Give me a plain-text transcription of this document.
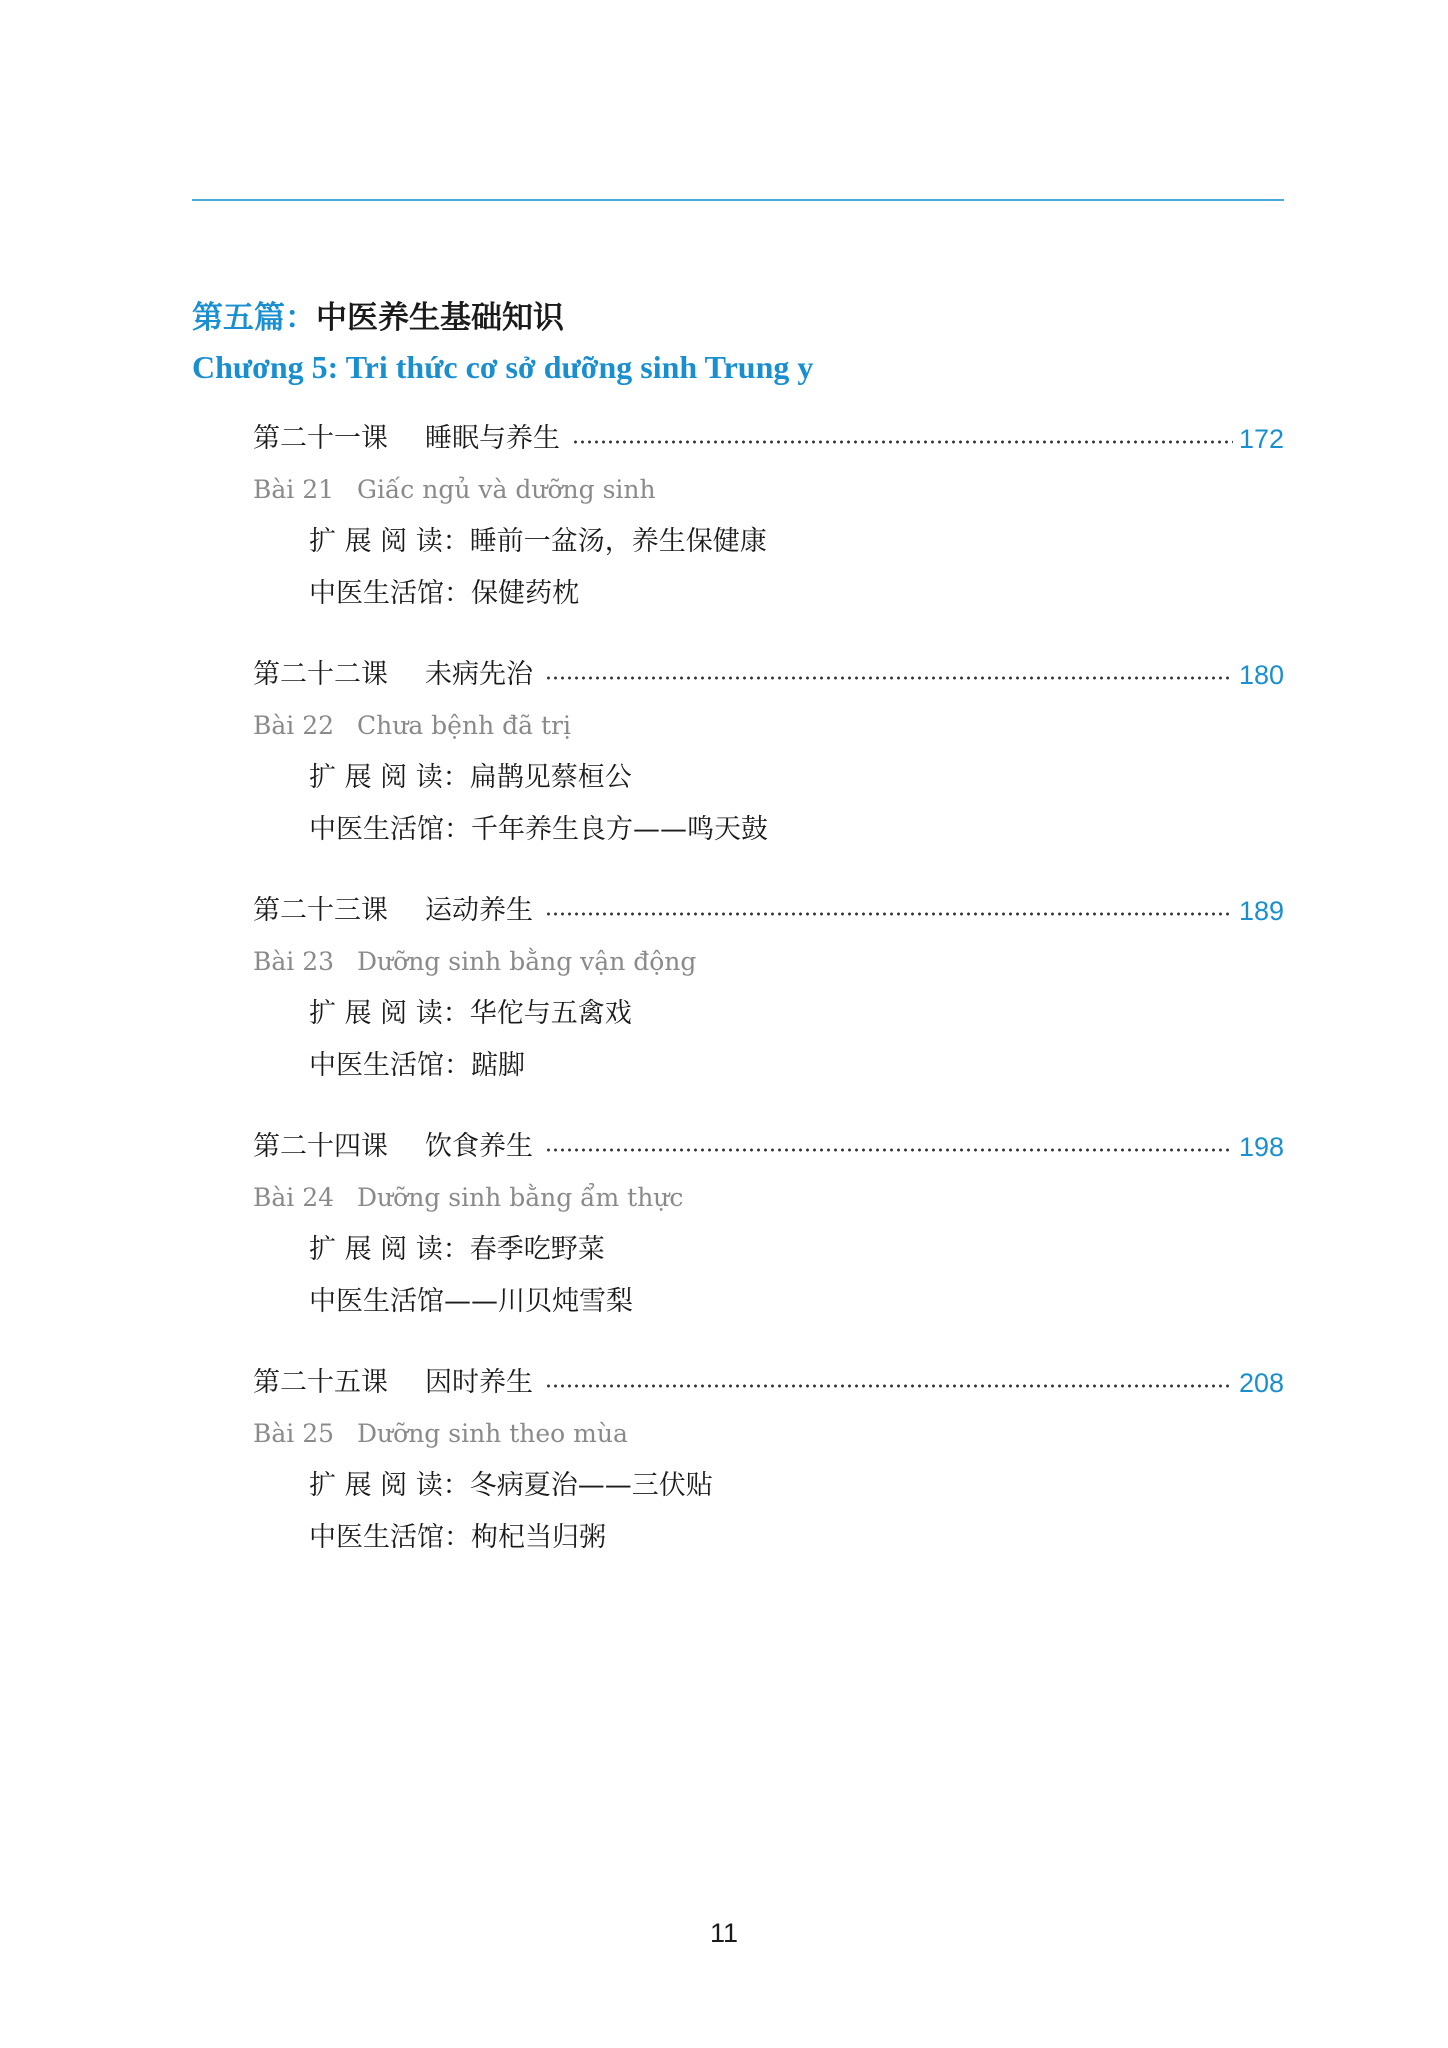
第五篇：中医养生基础知识
Chương 5: Tri thức cơ sở dưỡng sinh Trung y
第二十一课	睡眠与养生	172
Bài 21 Giấc ngủ và dưỡng sinh
扩 展 阅 读：睡前一盆汤，养生保健康
中医生活馆：保健药枕
第二十二课	未病先治	180
Bài 22 Chưa bệnh đã trị
扩 展 阅 读：扁鹊见蔡桓公
中医生活馆：千年养生良方——鸣天鼓
第二十三课	运动养生	189
Bài 23 Dưỡng sinh bằng vận động
扩 展 阅 读：华佗与五禽戏
中医生活馆：踮脚
第二十四课	饮食养生	198
Bài 24 Dưỡng sinh bằng ẩm thực
扩 展 阅 读：春季吃野菜
中医生活馆——川贝炖雪梨
第二十五课	因时养生	208
Bài 25 Dưỡng sinh theo mùa
扩 展 阅 读：冬病夏治——三伏贴
中医生活馆：枸杞当归粥
11
